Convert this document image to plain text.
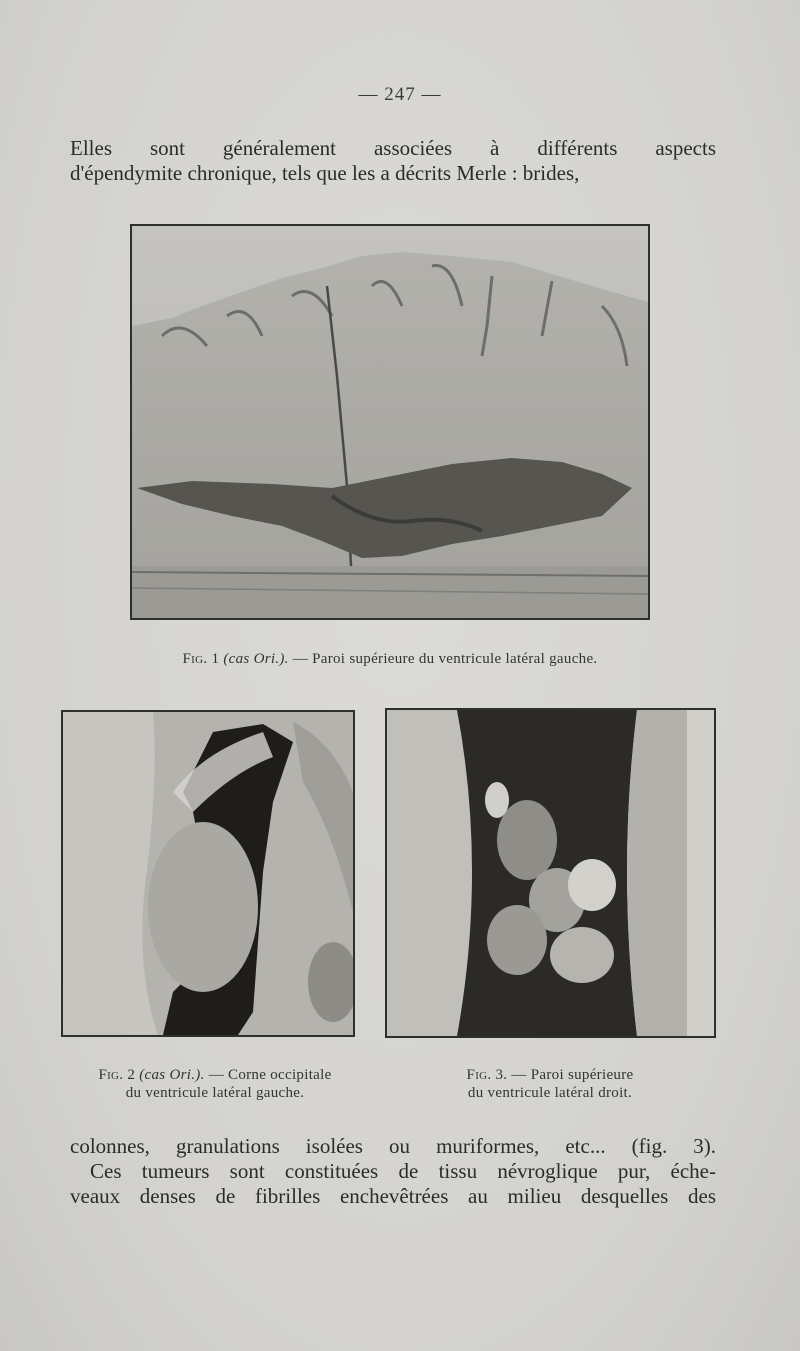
— 247 —

Elles sont généralement associées à différents aspects
d'épendymite chronique, tels que les a décrits Merle : brides,

Fig. 1 (cas Ori.). — Paroi supérieure du ventricule latéral gauche.
Fig. 2 (cas Ori.). — Corne occipitale
du ventricule latéral gauche.
Fig. 3. — Paroi supérieure
du ventricule latéral droit.

colonnes, granulations isolées ou muriformes, etc... (fig. 3).
Ces tumeurs sont constituées de tissu névroglique pur, éche-
veaux denses de fibrilles enchevêtrées au milieu desquelles des
